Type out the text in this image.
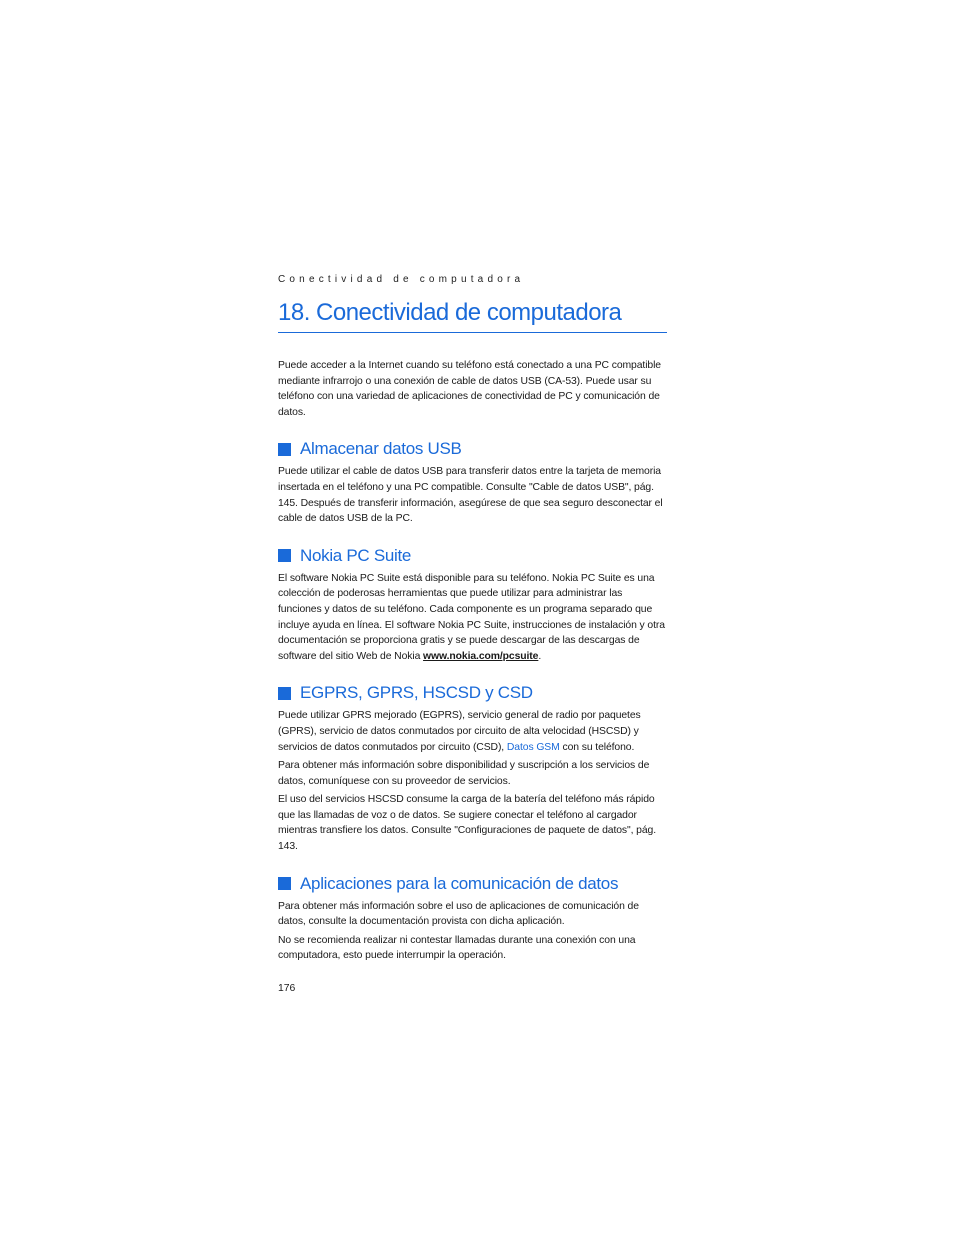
Conectividad de computadora
18. Conectividad de computadora

Puede acceder a la Internet cuando su teléfono está conectado a una PC compatible mediante infrarrojo o una conexión de cable de datos USB (CA-53). Puede usar su teléfono con una variedad de aplicaciones de conectividad de PC y comunicación de datos.

Almacenar datos USB

Puede utilizar el cable de datos USB para transferir datos entre la tarjeta de memoria insertada en el teléfono y una PC compatible. Consulte "Cable de datos USB", pág. 145. Después de transferir información, asegúrese de que sea seguro desconectar el cable de datos USB de la PC.

Nokia PC Suite

El software Nokia PC Suite está disponible para su teléfono. Nokia PC Suite es una colección de poderosas herramientas que puede utilizar para administrar las funciones y datos de su teléfono. Cada componente es un programa separado que incluye ayuda en línea. El software Nokia PC Suite, instrucciones de instalación y otra documentación se proporciona gratis y se puede descargar de las descargas de software del sitio Web de Nokia www.nokia.com/pcsuite.

EGPRS, GPRS, HSCSD y CSD

Puede utilizar GPRS mejorado (EGPRS), servicio general de radio por paquetes (GPRS), servicio de datos conmutados por circuito de alta velocidad (HSCSD) y servicios de datos conmutados por circuito (CSD), Datos GSM con su teléfono.

Para obtener más información sobre disponibilidad y suscripción a los servicios de datos, comuníquese con su proveedor de servicios.

El uso del servicios HSCSD consume la carga de la batería del teléfono más rápido que las llamadas de voz o de datos. Se sugiere conectar el teléfono al cargador mientras transfiere los datos. Consulte "Configuraciones de paquete de datos", pág. 143.

Aplicaciones para la comunicación de datos

Para obtener más información sobre el uso de aplicaciones de comunicación de datos, consulte la documentación provista con dicha aplicación.

No se recomienda realizar ni contestar llamadas durante una conexión con una computadora, esto puede interrumpir la operación.

176
